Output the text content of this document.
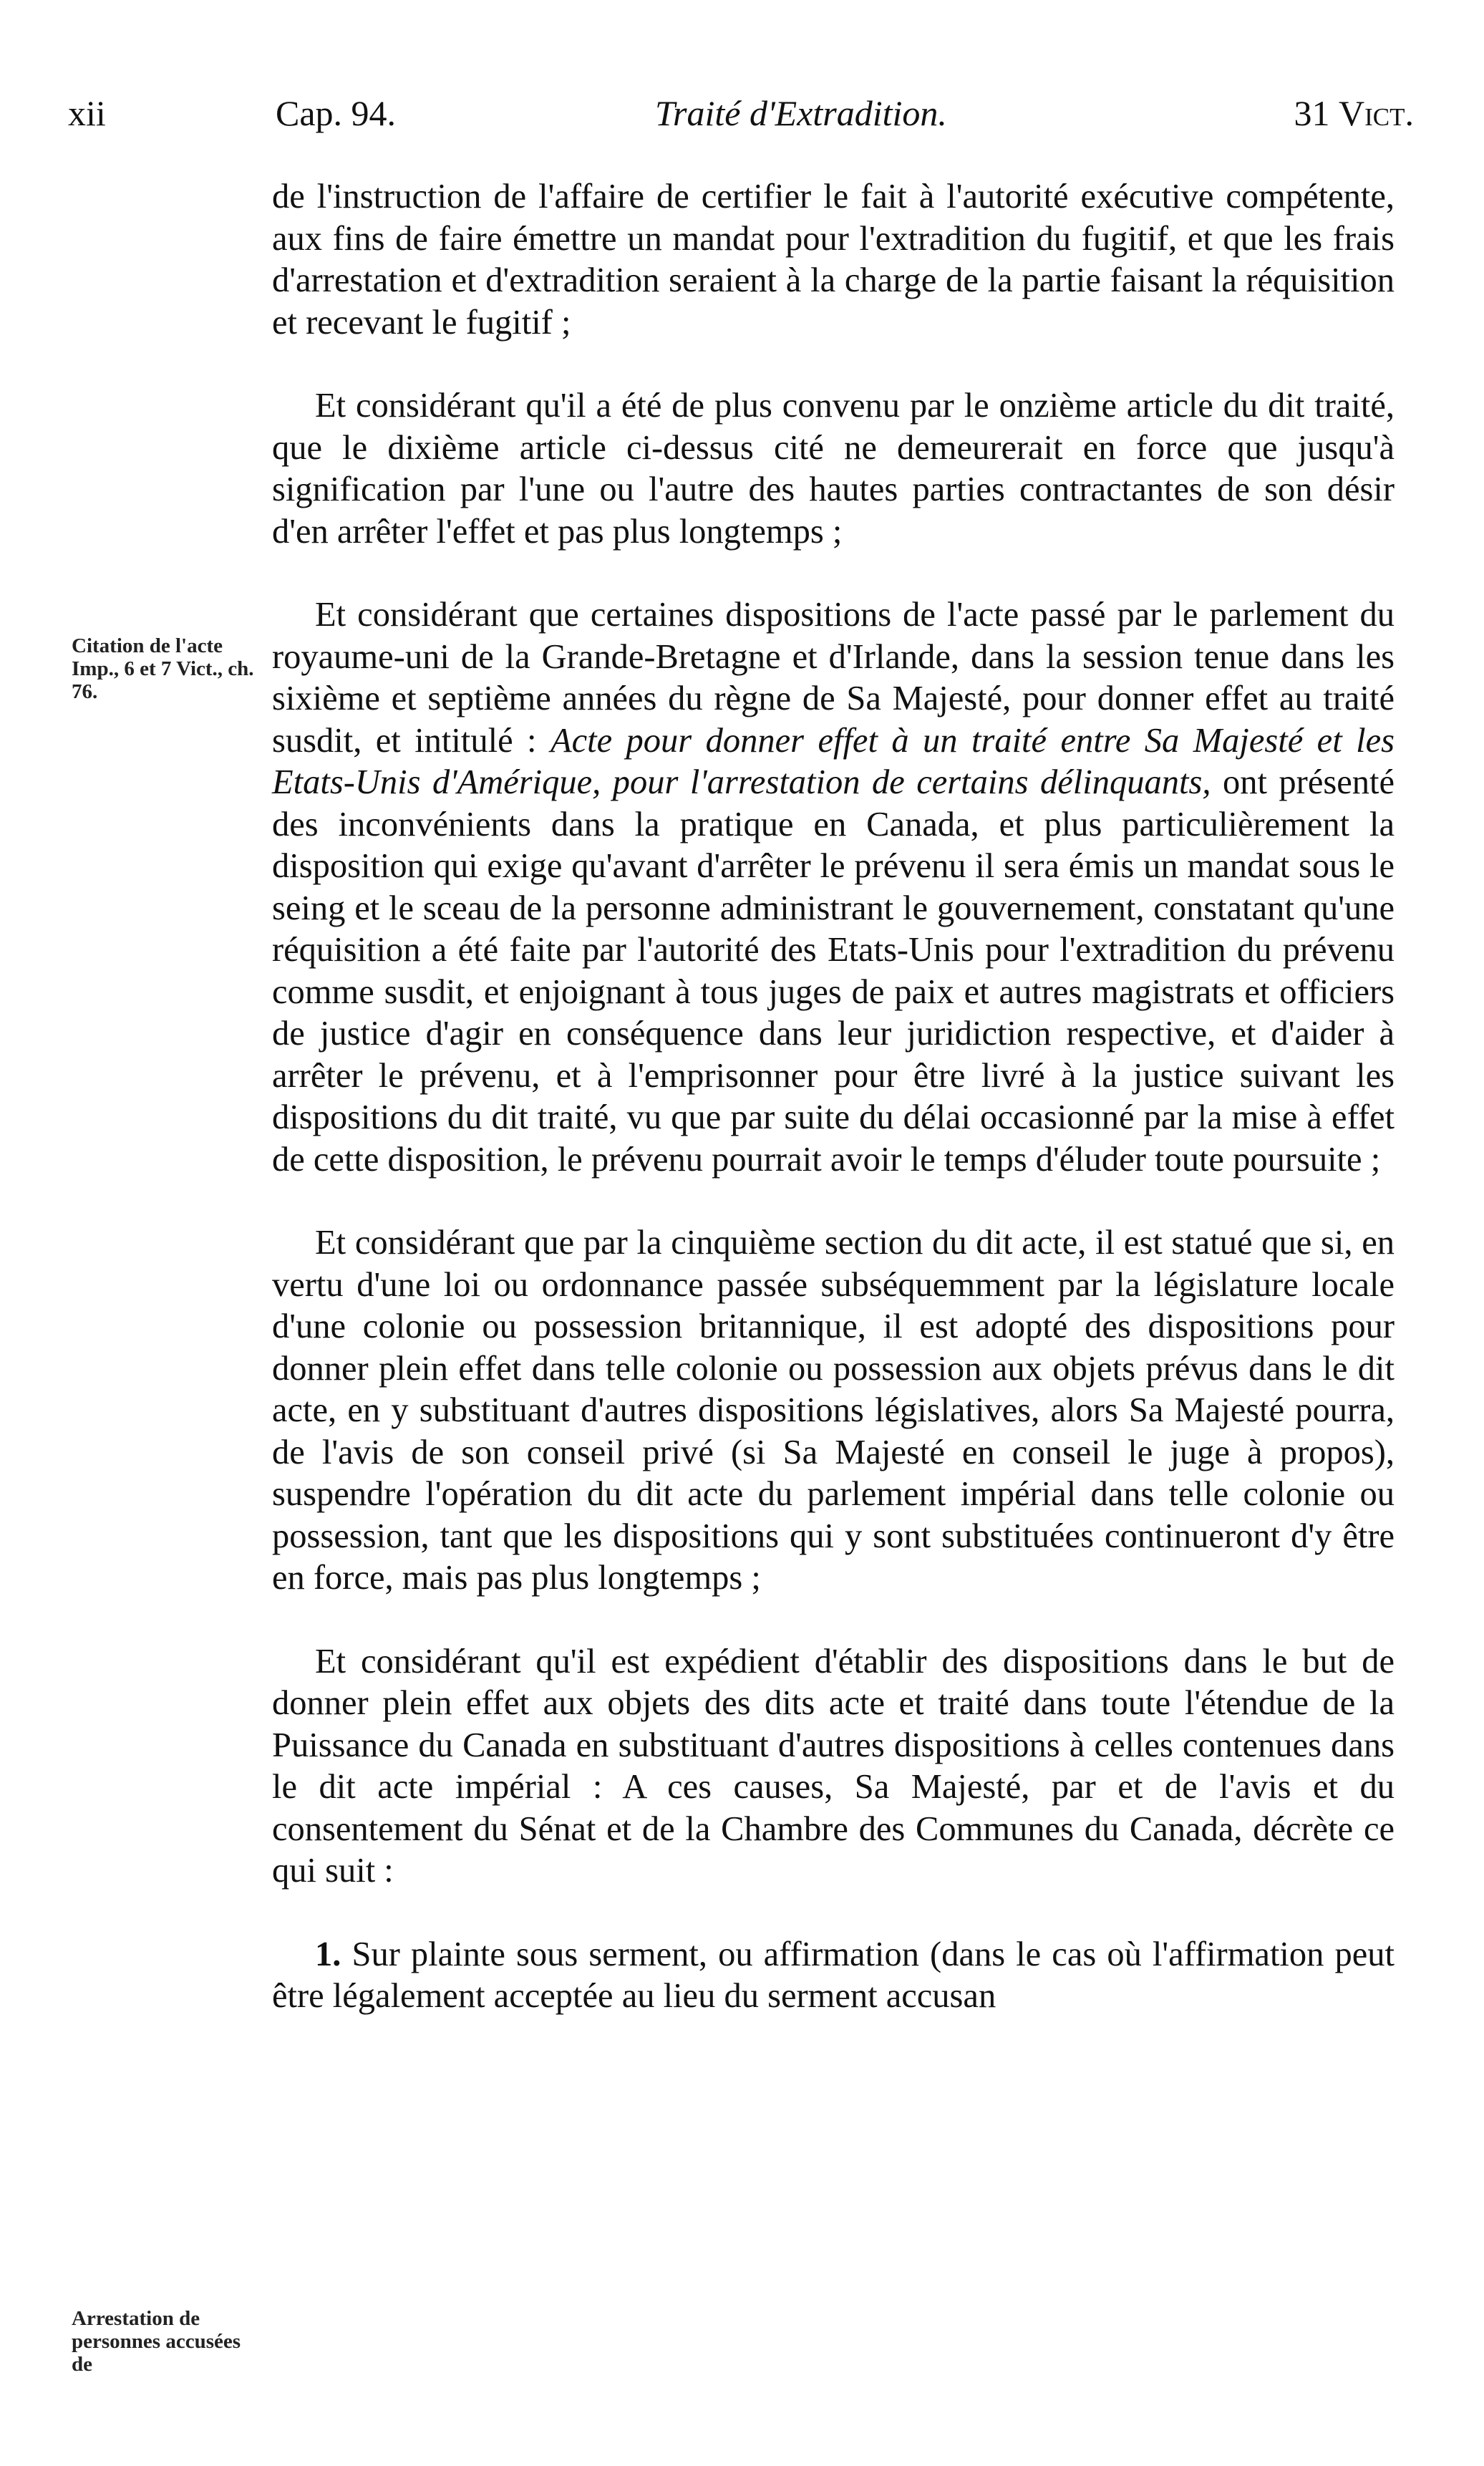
xii	Cap. 94.	Traité d'Extradition.	31 Vict.
Citation de l'acte Imp., 6 et 7 Vict., ch. 76.
Arrestation de personnes accusées de

de l'instruction de l'affaire de certifier le fait à l'autorité exécutive compétente, aux fins de faire émettre un mandat pour l'extradition du fugitif, et que les frais d'arrestation et d'extradition seraient à la charge de la partie faisant la réquisition et recevant le fugitif ;

Et considérant qu'il a été de plus convenu par le onzième article du dit traité, que le dixième article ci-dessus cité ne demeurerait en force que jusqu'à signification par l'une ou l'autre des hautes parties contractantes de son désir d'en arrêter l'effet et pas plus longtemps ;

Et considérant que certaines dispositions de l'acte passé par le parlement du royaume-uni de la Grande-Bretagne et d'Irlande, dans la session tenue dans les sixième et septième années du règne de Sa Majesté, pour donner effet au traité susdit, et intitulé : Acte pour donner effet à un traité entre Sa Majesté et les Etats-Unis d'Amérique, pour l'arrestation de certains délinquants, ont présenté des inconvénients dans la pratique en Canada, et plus particulièrement la disposition qui exige qu'avant d'arrêter le prévenu il sera émis un mandat sous le seing et le sceau de la personne administrant le gouvernement, constatant qu'une réquisition a été faite par l'autorité des Etats-Unis pour l'extradition du prévenu comme susdit, et enjoignant à tous juges de paix et autres magistrats et officiers de justice d'agir en conséquence dans leur juridiction respective, et d'aider à arrêter le prévenu, et à l'emprisonner pour être livré à la justice suivant les dispositions du dit traité, vu que par suite du délai occasionné par la mise à effet de cette disposition, le prévenu pourrait avoir le temps d'éluder toute poursuite ;

Et considérant que par la cinquième section du dit acte, il est statué que si, en vertu d'une loi ou ordonnance passée subséquemment par la législature locale d'une colonie ou possession britannique, il est adopté des dispositions pour donner plein effet dans telle colonie ou possession aux objets prévus dans le dit acte, en y substituant d'autres dispositions législatives, alors Sa Majesté pourra, de l'avis de son conseil privé (si Sa Majesté en conseil le juge à propos), suspendre l'opération du dit acte du parlement impérial dans telle colonie ou possession, tant que les dispositions qui y sont substituées continueront d'y être en force, mais pas plus longtemps ;

Et considérant qu'il est expédient d'établir des dispositions dans le but de donner plein effet aux objets des dits acte et traité dans toute l'étendue de la Puissance du Canada en substituant d'autres dispositions à celles contenues dans le dit acte impérial : A ces causes, Sa Majesté, par et de l'avis et du consentement du Sénat et de la Chambre des Communes du Canada, décrète ce qui suit :

1. Sur plainte sous serment, ou affirmation (dans le cas où l'affirmation peut être légalement acceptée au lieu du serment accusan
